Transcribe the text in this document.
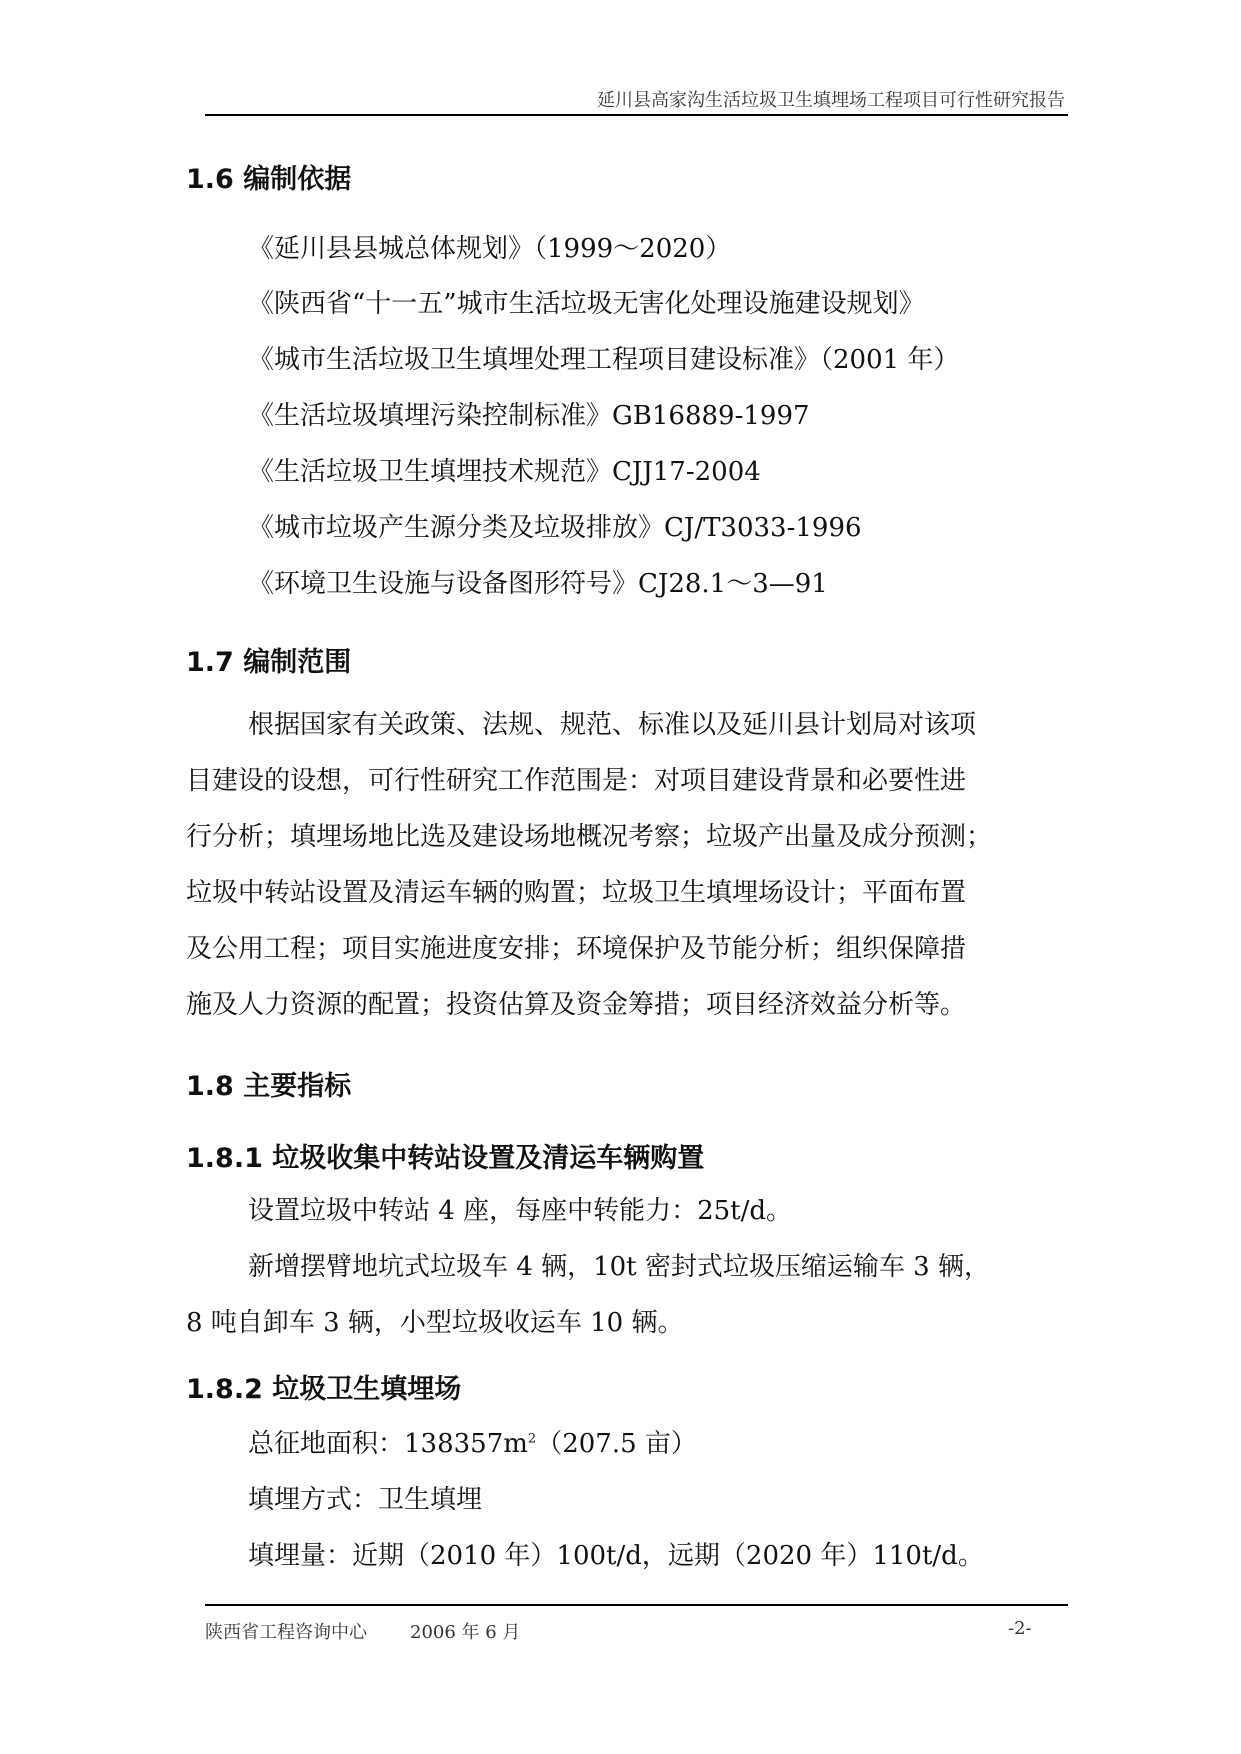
延川县高家沟生活垃圾卫生填埋场工程项目可行性研究报告
1.6 编制依据
《延川县县城总体规划》（1999～2020）
《陕西省“十一五”城市生活垃圾无害化处理设施建设规划》
《城市生活垃圾卫生填埋处理工程项目建设标准》（2001 年）
《生活垃圾填埋污染控制标准》GB16889-1997
《生活垃圾卫生填埋技术规范》CJJ17-2004
《城市垃圾产生源分类及垃圾排放》CJ/T3033-1996
《环境卫生设施与设备图形符号》CJ28.1～3—91
1.7 编制范围
根据国家有关政策、法规、规范、标准以及延川县计划局对该项
目建设的设想，可行性研究工作范围是：对项目建设背景和必要性进
行分析；填埋场地比选及建设场地概况考察；垃圾产出量及成分预测；
垃圾中转站设置及清运车辆的购置；垃圾卫生填埋场设计；平面布置
及公用工程；项目实施进度安排；环境保护及节能分析；组织保障措
施及人力资源的配置；投资估算及资金筹措；项目经济效益分析等。
1.8 主要指标
1.8.1 垃圾收集中转站设置及清运车辆购置
设置垃圾中转站 4 座，每座中转能力：25t/d。
新增摆臂地坑式垃圾车 4 辆，10t 密封式垃圾压缩运输车 3 辆，
8 吨自卸车 3 辆，小型垃圾收运车 10 辆。
1.8.2 垃圾卫生填埋场
总征地面积：$138357m^2(207.5$ 亩）
填埋方式：卫生填埋
填埋量：近期（2010 年）100t/d，远期（2020 年）110t/d。
陕西省工程咨询中心 2006 年 6 月	-2-
